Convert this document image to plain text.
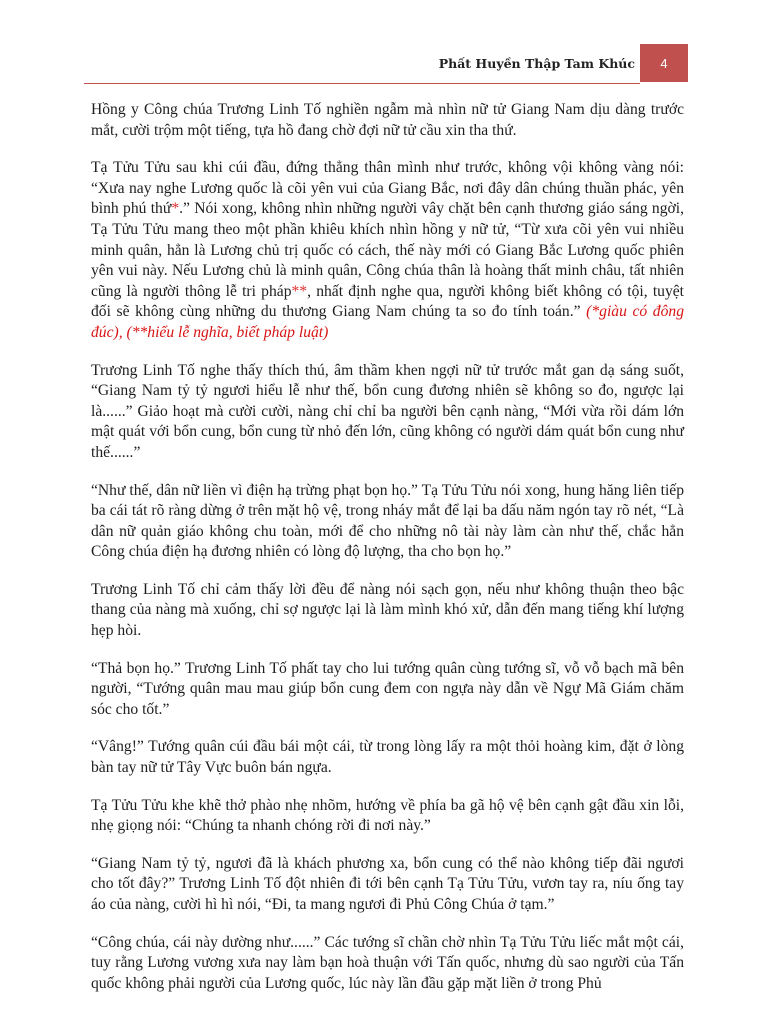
Phất Huyền Thập Tam Khúc 4

Hồng y Công chúa Trương Linh Tố nghiền ngẫm mà nhìn nữ tử Giang Nam dịu dàng trước mắt, cười trộm một tiếng, tựa hồ đang chờ đợi nữ tử cầu xin tha thứ.

Tạ Tửu Tửu sau khi cúi đầu, đứng thẳng thân mình như trước, không vội không vàng nói: “Xưa nay nghe Lương quốc là cõi yên vui của Giang Bắc, nơi đây dân chúng thuần phác, yên bình phú thứ*.” Nói xong, không nhìn những người vây chặt bên cạnh thương giáo sáng ngời, Tạ Tửu Tửu mang theo một phần khiêu khích nhìn hồng y nữ tử, “Từ xưa cõi yên vui nhiều minh quân, hẳn là Lương chủ trị quốc có cách, thế này mới có Giang Bắc Lương quốc phiên yên vui này. Nếu Lương chủ là minh quân, Công chúa thân là hoàng thất minh châu, tất nhiên cũng là người thông lễ tri pháp**, nhất định nghe qua, người không biết không có tội, tuyệt đối sẽ không cùng những du thương Giang Nam chúng ta so đo tính toán.” (*giàu có đông đúc), (**hiểu lễ nghĩa, biết pháp luật)

Trương Linh Tố nghe thấy thích thú, âm thầm khen ngợi nữ tử trước mắt gan dạ sáng suốt, “Giang Nam tỷ tỷ ngươi hiểu lễ như thế, bổn cung đương nhiên sẽ không so đo, ngược lại là......” Giảo hoạt mà cười cười, nàng chỉ chỉ ba người bên cạnh nàng, “Mới vừa rồi dám lớn mật quát với bổn cung, bổn cung từ nhỏ đến lớn, cũng không có người dám quát bổn cung như thế......”

“Như thế, dân nữ liền vì điện hạ trừng phạt bọn họ.” Tạ Tửu Tửu nói xong, hung hăng liên tiếp ba cái tát rõ ràng dừng ở trên mặt hộ vệ, trong nháy mắt để lại ba dấu năm ngón tay rõ nét, “Là dân nữ quản giáo không chu toàn, mới để cho những nô tài này làm càn như thế, chắc hẳn Công chúa điện hạ đương nhiên có lòng độ lượng, tha cho bọn họ.”

Trương Linh Tố chỉ cảm thấy lời đều để nàng nói sạch gọn, nếu như không thuận theo bậc thang của nàng mà xuống, chỉ sợ ngược lại là làm mình khó xử, dẫn đến mang tiếng khí lượng hẹp hòi.

“Thả bọn họ.” Trương Linh Tố phất tay cho lui tướng quân cùng tướng sĩ, vỗ vỗ bạch mã bên người, “Tướng quân mau mau giúp bổn cung đem con ngựa này dẫn về Ngự Mã Giám chăm sóc cho tốt.”

“Vâng!” Tướng quân cúi đầu bái một cái, từ trong lòng lấy ra một thỏi hoàng kim, đặt ở lòng bàn tay nữ tử Tây Vực buôn bán ngựa.

Tạ Tửu Tửu khe khẽ thở phào nhẹ nhõm, hướng về phía ba gã hộ vệ bên cạnh gật đầu xin lỗi, nhẹ giọng nói: “Chúng ta nhanh chóng rời đi nơi này.”

“Giang Nam tỷ tỷ, ngươi đã là khách phương xa, bổn cung có thể nào không tiếp đãi ngươi cho tốt đây?” Trương Linh Tố đột nhiên đi tới bên cạnh Tạ Tửu Tửu, vươn tay ra, níu ống tay áo của nàng, cười hì hì nói, “Đi, ta mang ngươi đi Phủ Công Chúa ở tạm.”

“Công chúa, cái này dường như......” Các tướng sĩ chần chờ nhìn Tạ Tửu Tửu liếc mắt một cái, tuy rằng Lương vương xưa nay làm bạn hoà thuận với Tấn quốc, nhưng dù sao người của Tấn quốc không phải người của Lương quốc, lúc này lần đầu gặp mặt liền ở trong Phủ
